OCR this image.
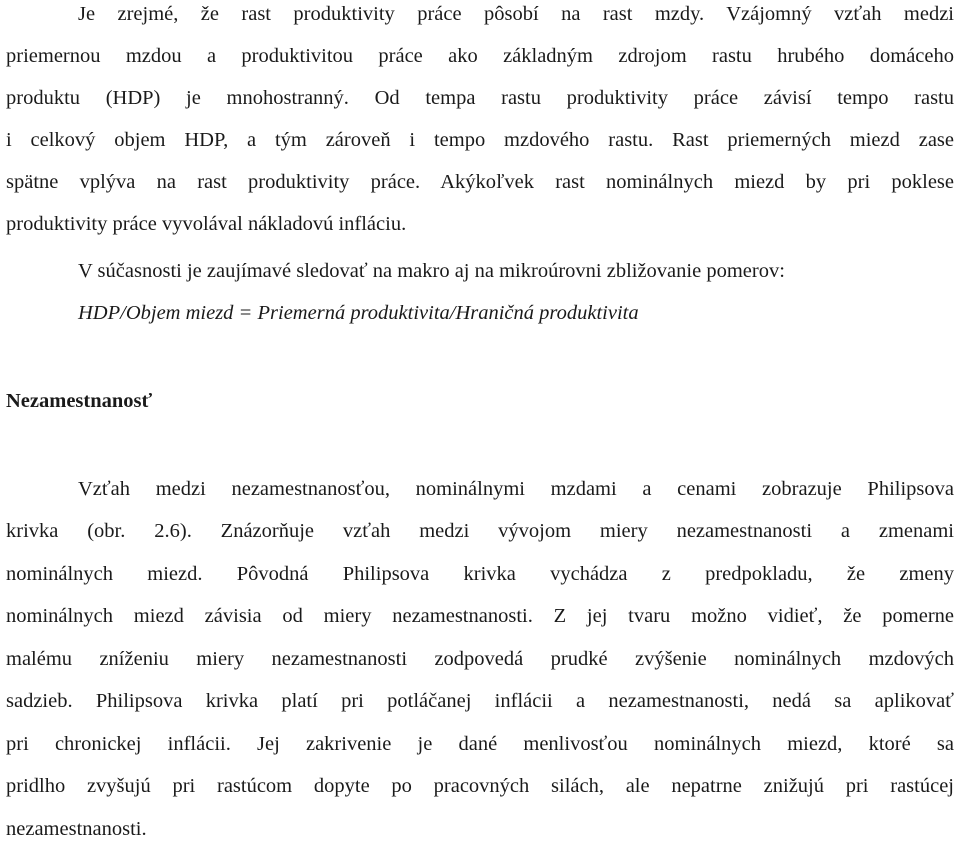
Je zrejmé, že rast produktivity práce pôsobí na rast mzdy. Vzájomný vzťah medzi
priemernou mzdou a produktivitou práce ako základným zdrojom rastu hrubého domáceho
produktu (HDP) je mnohostranný. Od tempa rastu produktivity práce závisí tempo rastu
i celkový objem HDP, a tým zároveň i tempo mzdového rastu. Rast priemerných miezd zase
spätne vplýva na rast produktivity práce. Akýkoľvek rast nominálnych miezd by pri poklese
produktivity práce vyvolával nákladovú infláciu.
V súčasnosti je zaujímavé sledovať na makro aj na mikroúrovni zbližovanie pomerov:
HDP/Objem miezd = Priemerná produktivita/Hraničná produktivita
Nezamestnanosť
Vzťah medzi nezamestnanosťou, nominálnymi mzdami a cenami zobrazuje Philipsova
krivka (obr. 2.6). Znázorňuje vzťah medzi vývojom miery nezamestnanosti a zmenami
nominálnych miezd. Pôvodná Philipsova krivka vychádza z predpokladu, že zmeny
nominálnych miezd závisia od miery nezamestnanosti. Z jej tvaru možno vidieť, že pomerne
malému zníženiu miery nezamestnanosti zodpovedá prudké zvýšenie nominálnych mzdových
sadzieb. Philipsova krivka platí pri potláčanej inflácii a nezamestnanosti, nedá sa aplikovať
pri chronickej inflácii. Jej zakrivenie je dané menlivosťou nominálnych miezd, ktoré sa
pridlho zvyšujú pri rastúcom dopyte po pracovných silách, ale nepatrne znižujú pri rastúcej
nezamestnanosti.
